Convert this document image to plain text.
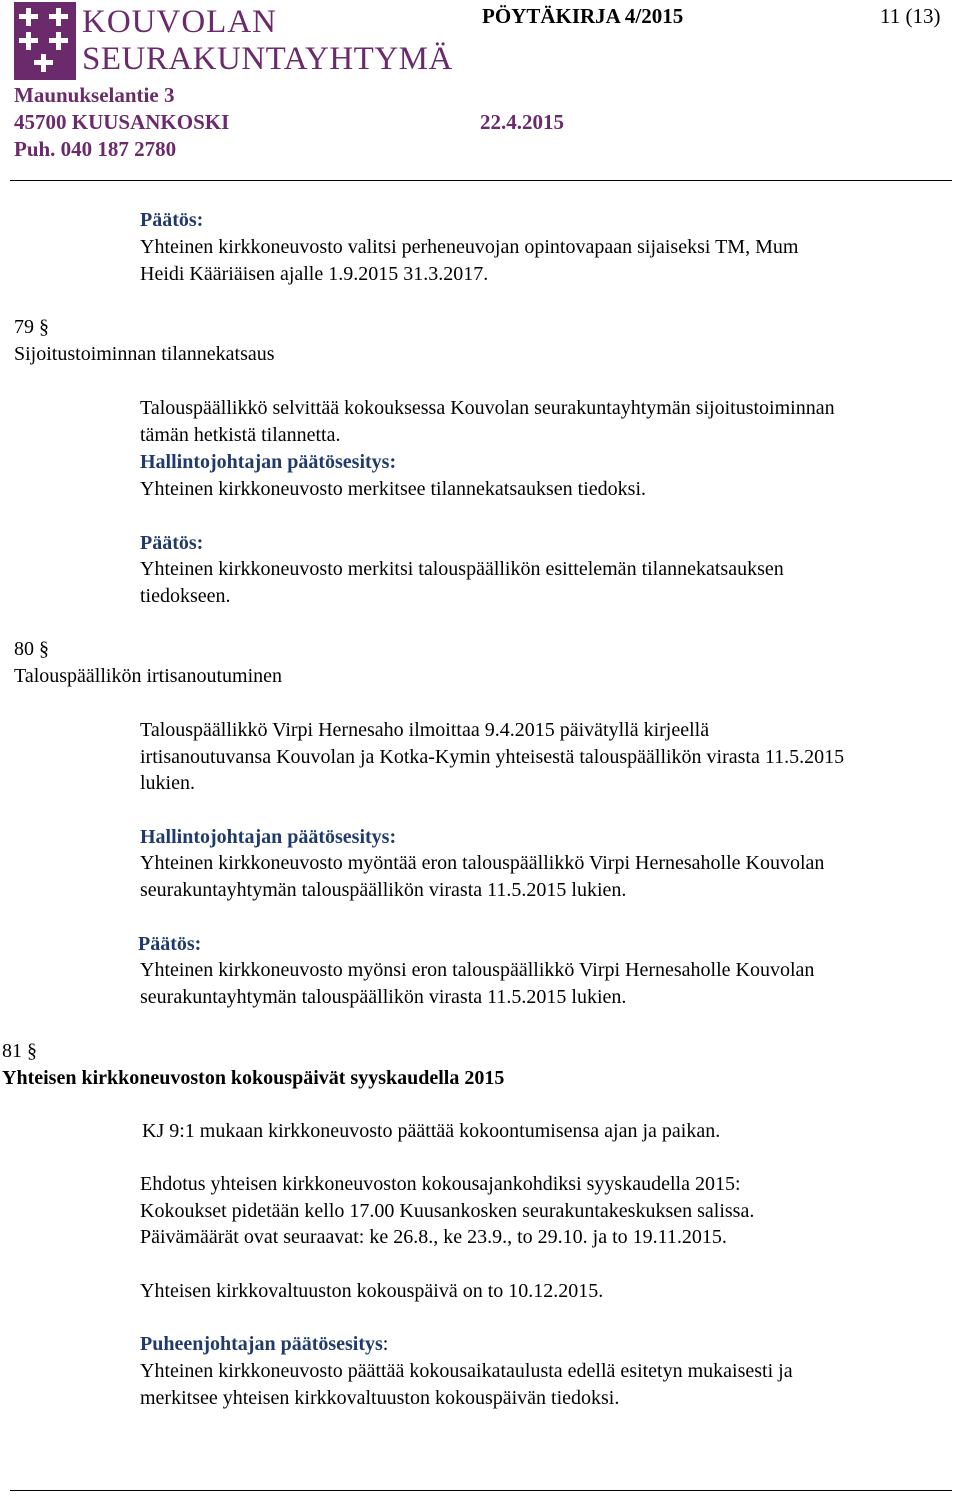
KOUVOLAN
SEURAKUNTAYHTYMÄ
PÖYTÄKIRJA 4/2015	11 (13)
Maunukselantie 3
45700 KUUSANKOSKI	22.4.2015
Puh. 040 187 2780
Päätös:
Yhteinen kirkkoneuvosto valitsi perheneuvojan opintovapaan sijaiseksi TM, Mum
Heidi Kääriäisen ajalle 1.9.2015 31.3.2017.
79 §
Sijoitustoiminnan tilannekatsaus
Talouspäällikkö selvittää kokouksessa Kouvolan seurakuntayhtymän sijoitustoiminnan
tämän hetkistä tilannetta.
Hallintojohtajan päätösesitys:
Yhteinen kirkkoneuvosto merkitsee tilannekatsauksen tiedoksi.
Päätös:
Yhteinen kirkkoneuvosto merkitsi talouspäällikön esittelemän tilannekatsauksen
tiedokseen.
80 §
Talouspäällikön irtisanoutuminen
Talouspäällikkö Virpi Hernesaho ilmoittaa 9.4.2015 päivätyllä kirjeellä
irtisanoutuvansa Kouvolan ja Kotka-Kymin yhteisestä talouspäällikön virasta 11.5.2015
lukien.
Hallintojohtajan päätösesitys:
Yhteinen kirkkoneuvosto myöntää eron talouspäällikkö Virpi Hernesaholle Kouvolan
seurakuntayhtymän talouspäällikön virasta 11.5.2015 lukien.
Päätös:
Yhteinen kirkkoneuvosto myönsi eron talouspäällikkö Virpi Hernesaholle Kouvolan
seurakuntayhtymän talouspäällikön virasta 11.5.2015 lukien.
81 §
Yhteisen kirkkoneuvoston kokouspäivät syyskaudella 2015
KJ 9:1 mukaan kirkkoneuvosto päättää kokoontumisensa ajan ja paikan.
Ehdotus yhteisen kirkkoneuvoston kokousajankohdiksi syyskaudella 2015:
Kokoukset pidetään kello 17.00 Kuusankosken seurakuntakeskuksen salissa.
Päivämäärät ovat seuraavat: ke 26.8., ke 23.9., to 29.10. ja to 19.11.2015.
Yhteisen kirkkovaltuuston kokouspäivä on to 10.12.2015.
Puheenjohtajan päätösesitys:
Yhteinen kirkkoneuvosto päättää kokousaikataulusta edellä esitetyn mukaisesti ja
merkitsee yhteisen kirkkovaltuuston kokouspäivän tiedoksi.
